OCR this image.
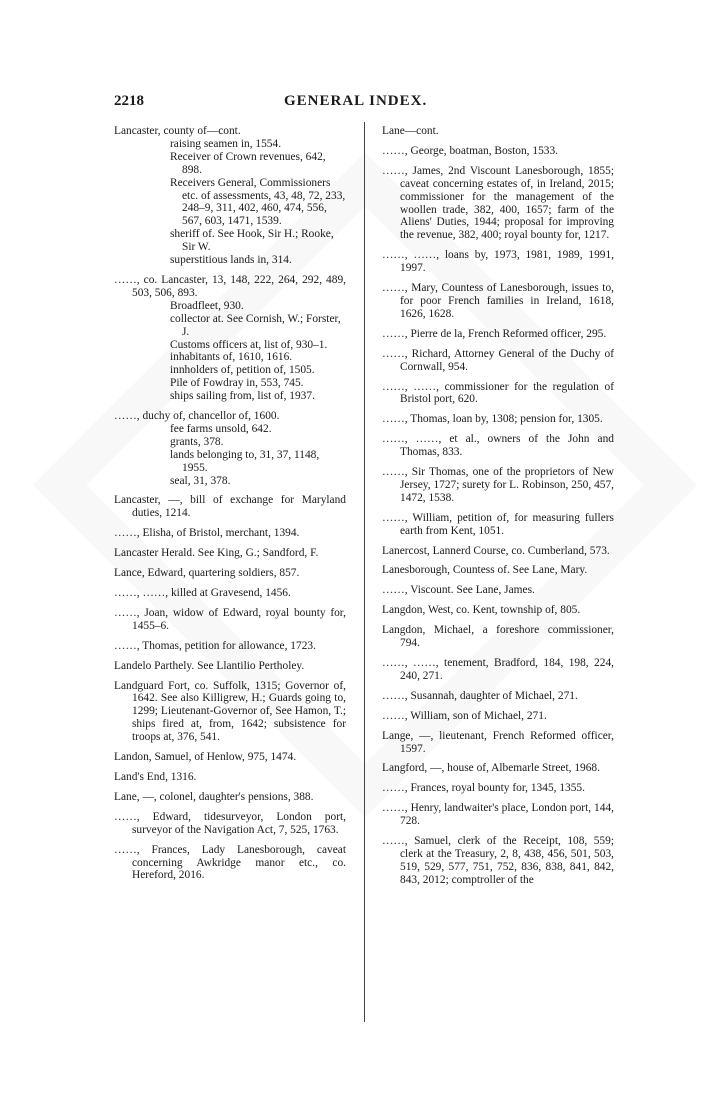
2218	GENERAL INDEX.
Lancaster, county of—cont.
raising seamen in, 1554.
Receiver of Crown revenues, 642, 898.
Receivers General, Commissioners etc. of assessments, 43, 48, 72, 233, 248–9, 311, 402, 460, 474, 556, 567, 603, 1471, 1539.
sheriff of. See Hook, Sir H.; Rooke, Sir W.
superstitious lands in, 314.
……, co. Lancaster, 13, 148, 222, 264, 292, 489, 503, 506, 893.
Broadfleet, 930.
collector at. See Cornish, W.; Forster, J.
Customs officers at, list of, 930–1.
inhabitants of, 1610, 1616.
innholders of, petition of, 1505.
Pile of Fowdray in, 553, 745.
ships sailing from, list of, 1937.
……, duchy of, chancellor of, 1600.
fee farms unsold, 642.
grants, 378.
lands belonging to, 31, 37, 1148, 1955.
seal, 31, 378.
Lancaster, —, bill of exchange for Maryland duties, 1214.
……, Elisha, of Bristol, merchant, 1394.
Lancaster Herald. See King, G.; Sandford, F.
Lance, Edward, quartering soldiers, 857.
……, ……, killed at Gravesend, 1456.
……, Joan, widow of Edward, royal bounty for, 1455–6.
……, Thomas, petition for allowance, 1723.
Landelo Parthely. See Llantilio Pertholey.
Landguard Fort, co. Suffolk, 1315; Governor of, 1642. See also Killigrew, H.; Guards going to, 1299; Lieutenant-Governor of, See Hamon, T.; ships fired at, from, 1642; subsistence for troops at, 376, 541.
Landon, Samuel, of Henlow, 975, 1474.
Land's End, 1316.
Lane, —, colonel, daughter's pensions, 388.
……, Edward, tidesurveyor, London port, surveyor of the Navigation Act, 7, 525, 1763.
……, Frances, Lady Lanesborough, caveat concerning Awkridge manor etc., co. Hereford, 2016.
Lane—cont.
……, George, boatman, Boston, 1533.
……, James, 2nd Viscount Lanesborough, 1855; caveat concerning estates of, in Ireland, 2015; commissioner for the management of the woollen trade, 382, 400, 1657; farm of the Aliens' Duties, 1944; proposal for improving the revenue, 382, 400; royal bounty for, 1217.
……, ……, loans by, 1973, 1981, 1989, 1991, 1997.
……, Mary, Countess of Lanesborough, issues to, for poor French families in Ireland, 1618, 1626, 1628.
……, Pierre de la, French Reformed officer, 295.
……, Richard, Attorney General of the Duchy of Cornwall, 954.
……, ……, commissioner for the regulation of Bristol port, 620.
……, Thomas, loan by, 1308; pension for, 1305.
……, ……, et al., owners of the John and Thomas, 833.
……, Sir Thomas, one of the proprietors of New Jersey, 1727; surety for L. Robinson, 250, 457, 1472, 1538.
……, William, petition of, for measuring fullers earth from Kent, 1051.
Lanercost, Lannerd Course, co. Cumberland, 573.
Lanesborough, Countess of. See Lane, Mary.
……, Viscount. See Lane, James.
Langdon, West, co. Kent, township of, 805.
Langdon, Michael, a foreshore commissioner, 794.
……, ……, tenement, Bradford, 184, 198, 224, 240, 271.
……, Susannah, daughter of Michael, 271.
……, William, son of Michael, 271.
Lange, —, lieutenant, French Reformed officer, 1597.
Langford, —, house of, Albemarle Street, 1968.
……, Frances, royal bounty for, 1345, 1355.
……, Henry, landwaiter's place, London port, 144, 728.
……, Samuel, clerk of the Receipt, 108, 559; clerk at the Treasury, 2, 8, 438, 456, 501, 503, 519, 529, 577, 751, 752, 836, 838, 841, 842, 843, 2012; comptroller of the
